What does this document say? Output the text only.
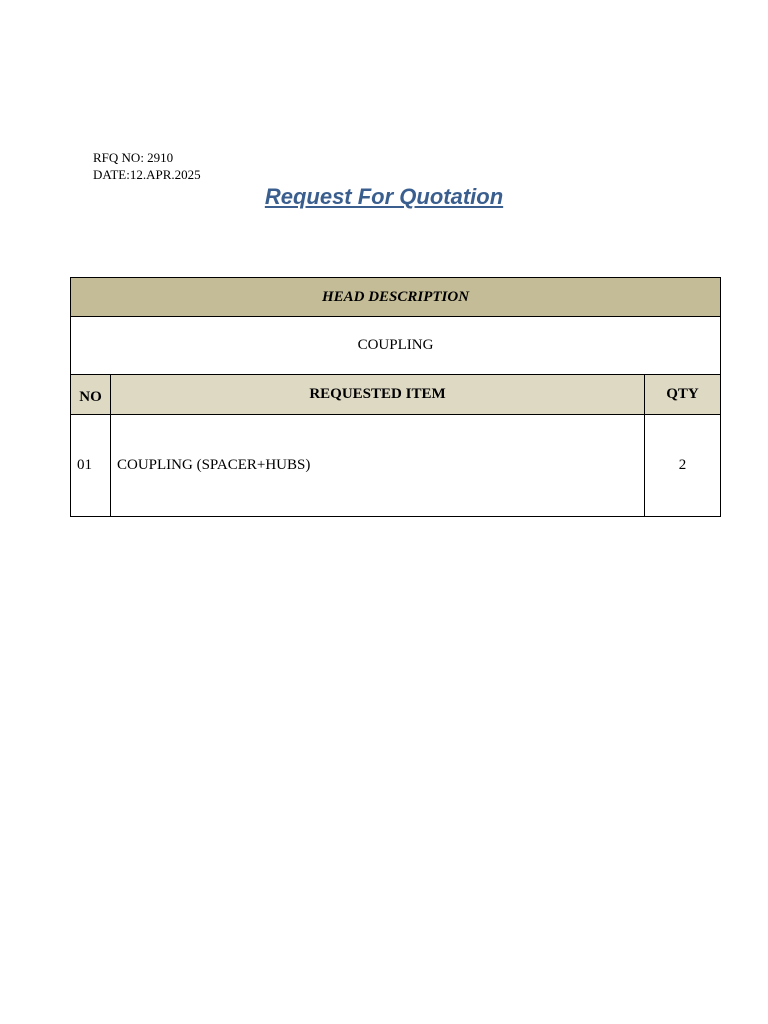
RFQ NO: 2910
DATE:12.APR.2025
Request For Quotation
HEAD DESCRIPTION		
COUPLING		
NO	REQUESTED ITEM	QTY
01	COUPLING (SPACER+HUBS)	2
